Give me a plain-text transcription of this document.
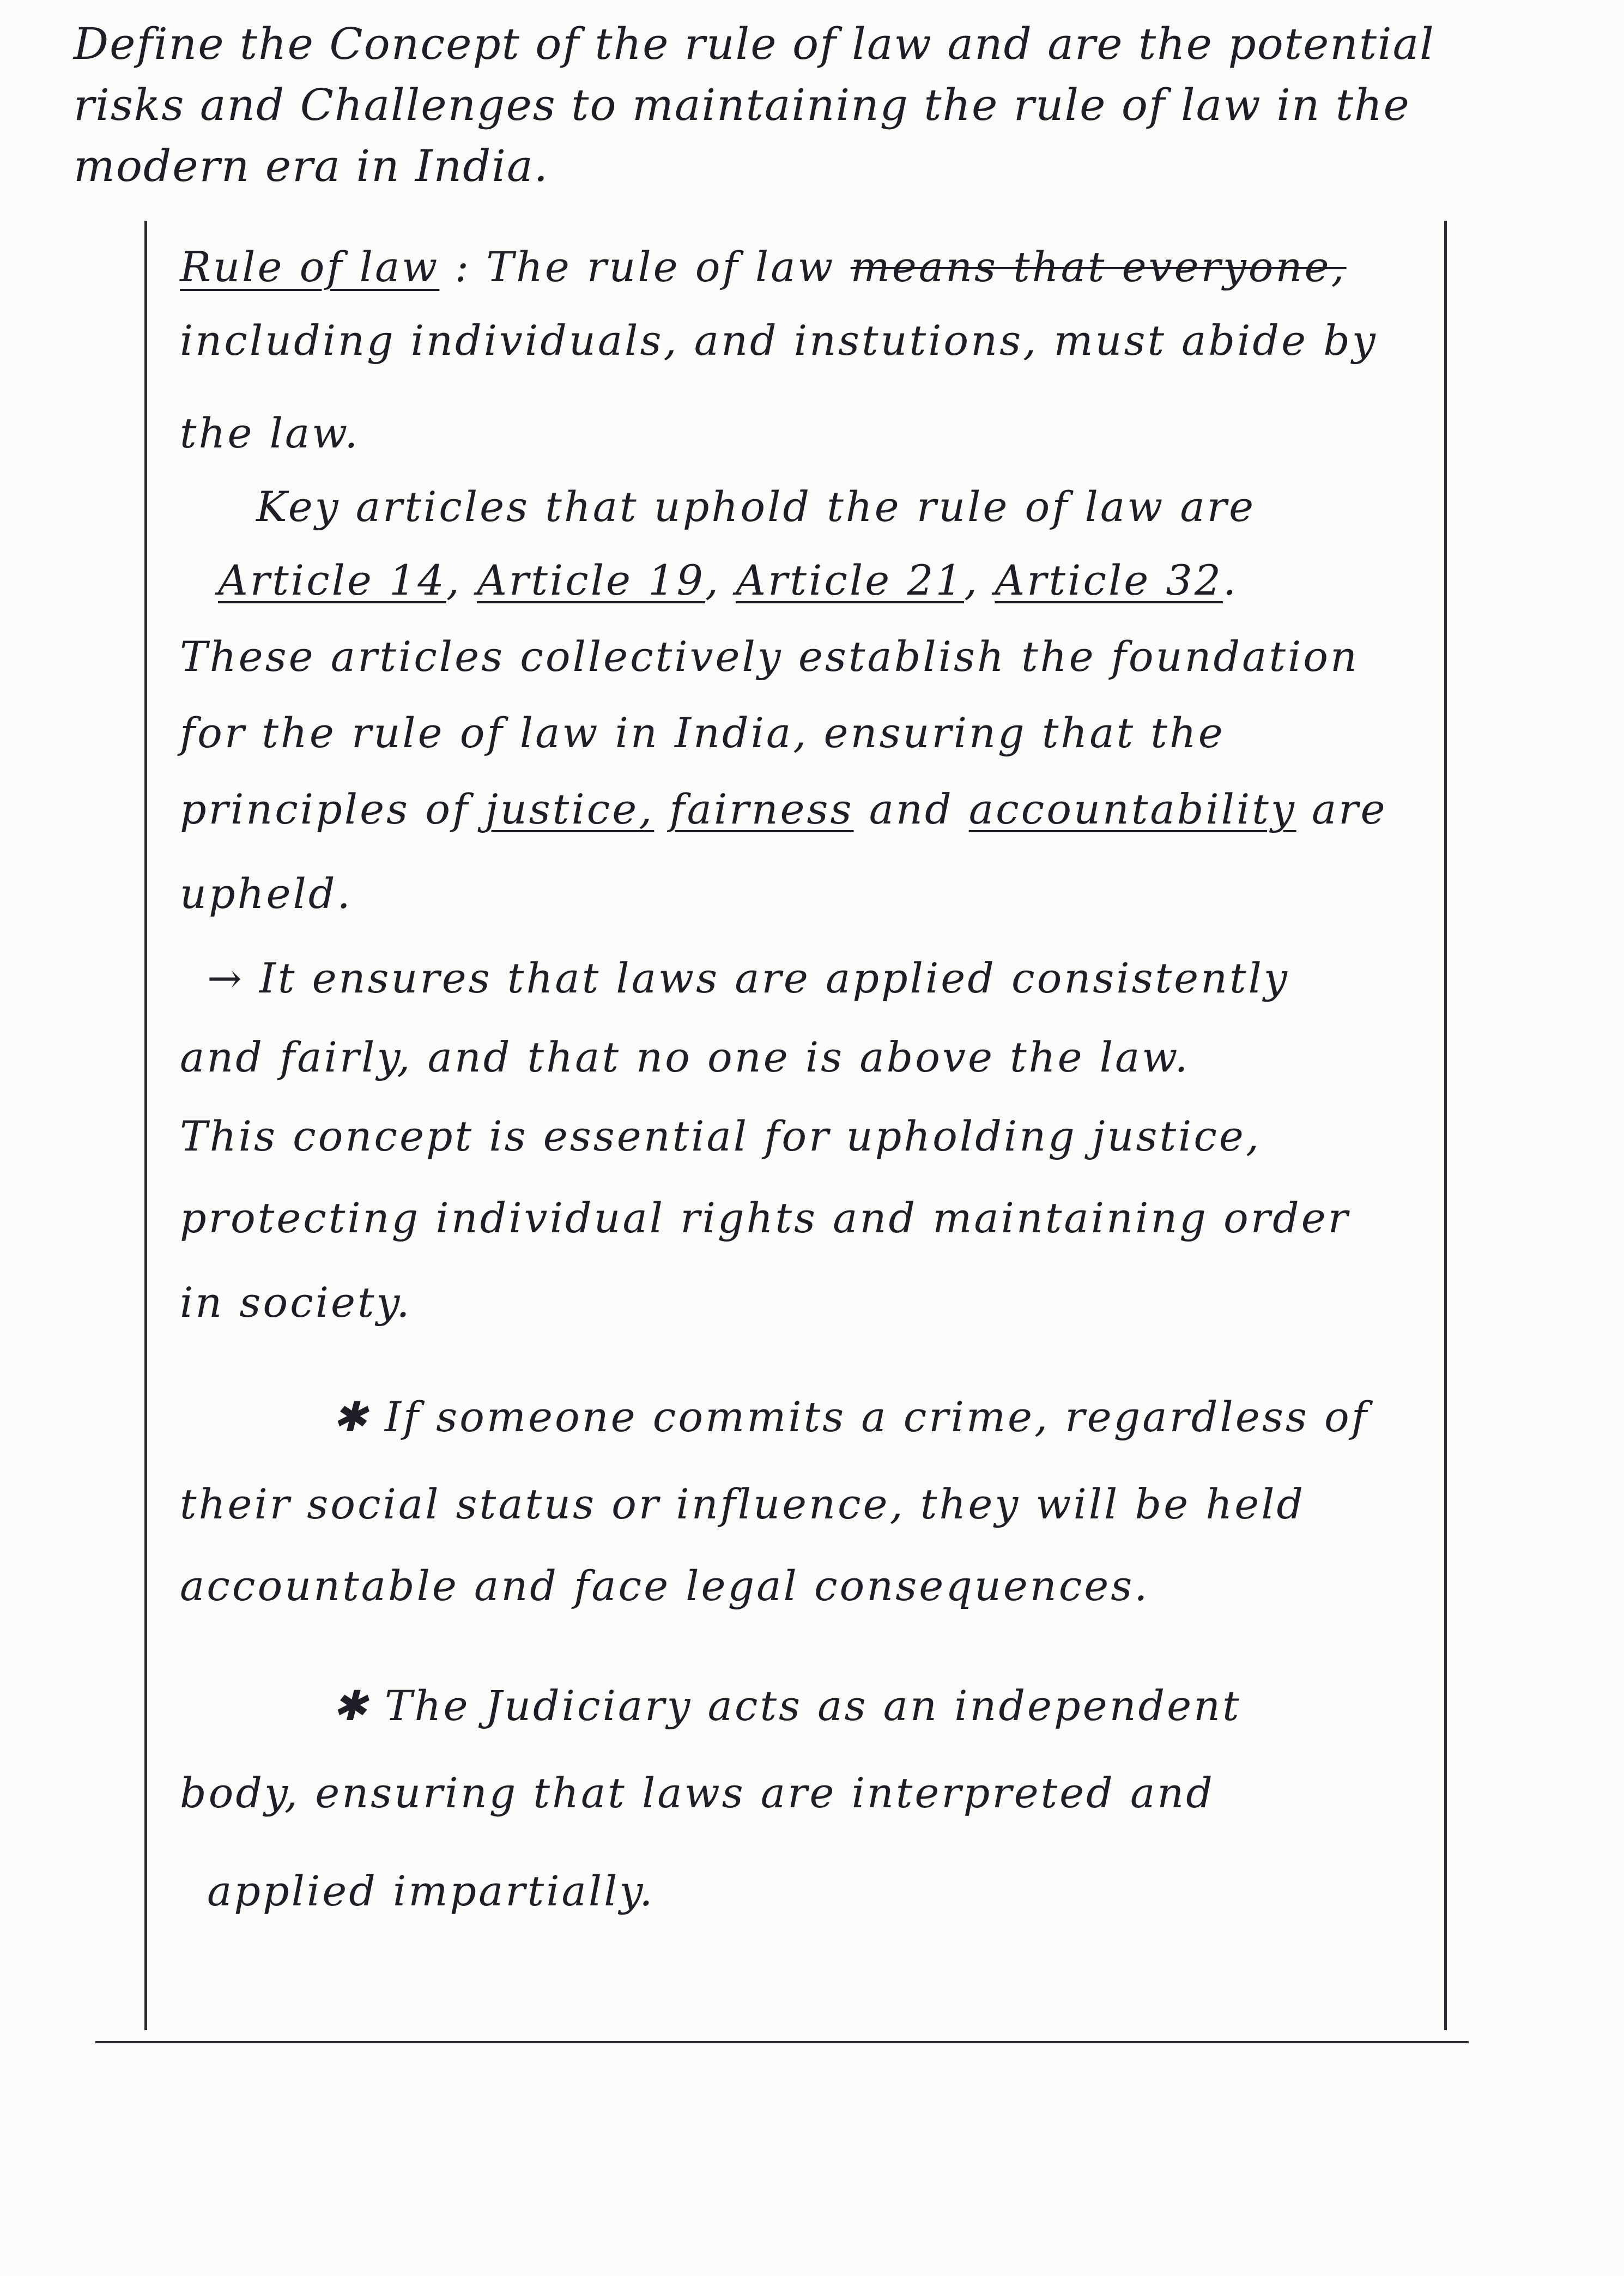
Define the Concept of the rule of law and are the potential risks and Challenges to maintaining the rule of law in the modern era in India.

Rule of law : The rule of law means that everyone,

including individuals, and instutions, must abide by

the law.

Key articles that uphold the rule of law are

Article 14, Article 19, Article 21, Article 32.

These articles collectively establish the foundation

for the rule of law in India, ensuring that the

principles of justice, fairness and accountability are

upheld.

→ It ensures that laws are applied consistently

and fairly, and that no one is above the law.

This concept is essential for upholding justice,

protecting individual rights and maintaining order

in society.

✱ If someone commits a crime, regardless of

their social status or influence, they will be held

accountable and face legal consequences.

✱ The Judiciary acts as an independent

body, ensuring that laws are interpreted and

applied impartially.
